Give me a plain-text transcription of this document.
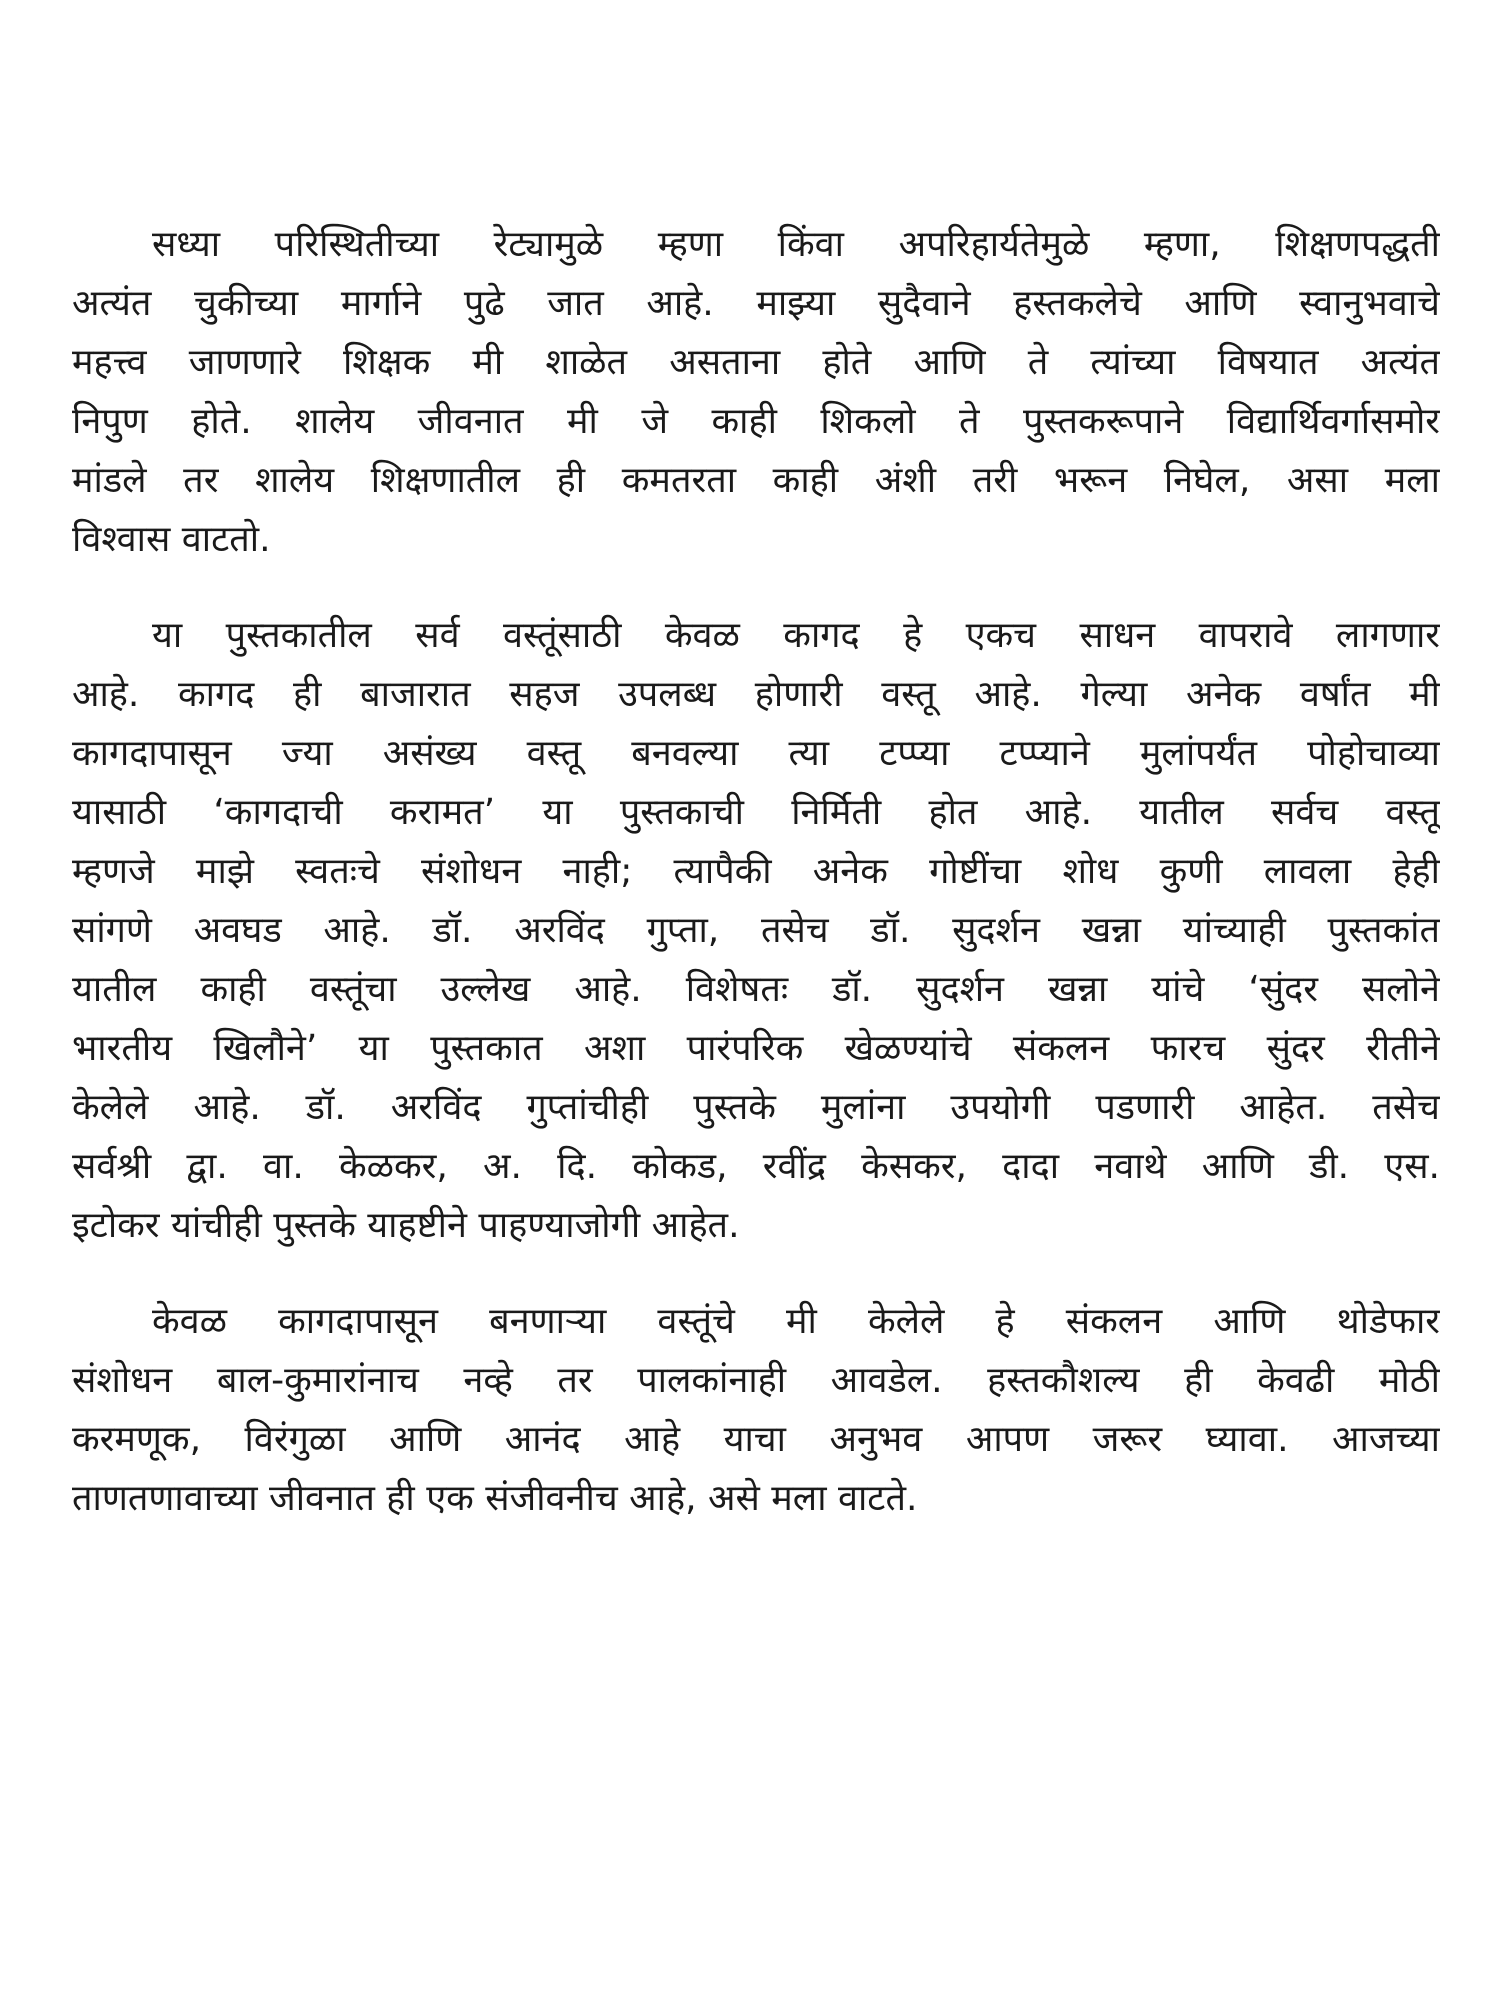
सध्या परिस्थितीच्या रेट्यामुळे म्हणा किंवा अपरिहार्यतेमुळे म्हणा, शिक्षणपद्धती
अत्यंत चुकीच्या मार्गाने पुढे जात आहे. माझ्या सुदैवाने हस्तकलेचे आणि स्वानुभवाचे
महत्त्व जाणणारे शिक्षक मी शाळेत असताना होते आणि ते त्यांच्या विषयात अत्यंत
निपुण होते. शालेय जीवनात मी जे काही शिकलो ते पुस्तकरूपाने विद्यार्थिवर्गासमोर
मांडले तर शालेय शिक्षणातील ही कमतरता काही अंशी तरी भरून निघेल, असा मला
विश्वास वाटतो.

या पुस्तकातील सर्व वस्तूंसाठी केवळ कागद हे एकच साधन वापरावे लागणार
आहे. कागद ही बाजारात सहज उपलब्ध होणारी वस्तू आहे. गेल्या अनेक वर्षांत मी
कागदापासून ज्या असंख्य वस्तू बनवल्या त्या टप्प्या टप्प्याने मुलांपर्यंत पोहोचाव्या
यासाठी ‘कागदाची करामत’ या पुस्तकाची निर्मिती होत आहे. यातील सर्वच वस्तू
म्हणजे माझे स्वतःचे संशोधन नाही; त्यापैकी अनेक गोष्टींचा शोध कुणी लावला हेही
सांगणे अवघड आहे. डॉ. अरविंद गुप्ता, तसेच डॉ. सुदर्शन खन्ना यांच्याही पुस्तकांत
यातील काही वस्तूंचा उल्लेख आहे. विशेषतः डॉ. सुदर्शन खन्ना यांचे ‘सुंदर सलोने
भारतीय खिलौने’ या पुस्तकात अशा पारंपरिक खेळण्यांचे संकलन फारच सुंदर रीतीने
केलेले आहे. डॉ. अरविंद गुप्तांचीही पुस्तके मुलांना उपयोगी पडणारी आहेत. तसेच
सर्वश्री द्वा. वा. केळकर, अ. दि. कोकड, रवींद्र केसकर, दादा नवाथे आणि डी. एस.
इटोकर यांचीही पुस्तके याहष्टीने पाहण्याजोगी आहेत.

केवळ कागदापासून बनणाऱ्या वस्तूंचे मी केलेले हे संकलन आणि थोडेफार
संशोधन बाल-कुमारांनाच नव्हे तर पालकांनाही आवडेल. हस्तकौशल्य ही केवढी मोठी
करमणूक, विरंगुळा आणि आनंद आहे याचा अनुभव आपण जरूर घ्यावा. आजच्या
ताणतणावाच्या जीवनात ही एक संजीवनीच आहे, असे मला वाटते.
